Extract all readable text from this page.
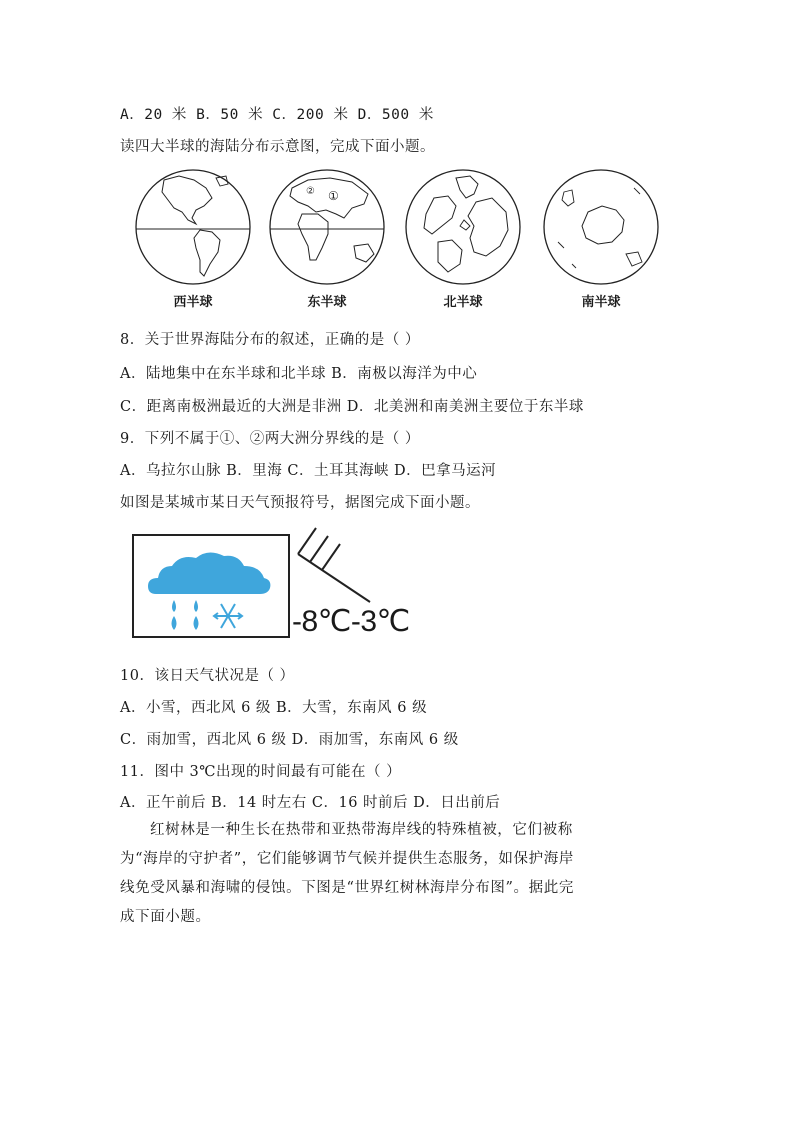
A．20 米 B．50 米 C．200 米 D．500 米
读四大半球的海陆分布示意图，完成下面小题。
西半球
①
②
东半球	北半球	南半球
8．关于世界海陆分布的叙述，正确的是（ ）
A．陆地集中在东半球和北半球 B．南极以海洋为中心
C．距离南极洲最近的大洲是非洲 D．北美洲和南美洲主要位于东半球
9．下列不属于①、②两大洲分界线的是（ ）
A．乌拉尔山脉 B．里海 C．土耳其海峡 D．巴拿马运河
如图是某城市某日天气预报符号，据图完成下面小题。
-8℃-3℃
10．该日天气状况是（ ）
A．小雪，西北风 6 级 B．大雪，东南风 6 级
C．雨加雪，西北风 6 级 D．雨加雪，东南风 6 级
11．图中 3℃出现的时间最有可能在（ ）
A．正午前后 B．14 时左右 C．16 时前后 D．日出前后
红树林是一种生长在热带和亚热带海岸线的特殊植被，它们被称
为“海岸的守护者”，它们能够调节气候并提供生态服务，如保护海岸
线免受风暴和海啸的侵蚀。下图是“世界红树林海岸分布图”。据此完
成下面小题。
